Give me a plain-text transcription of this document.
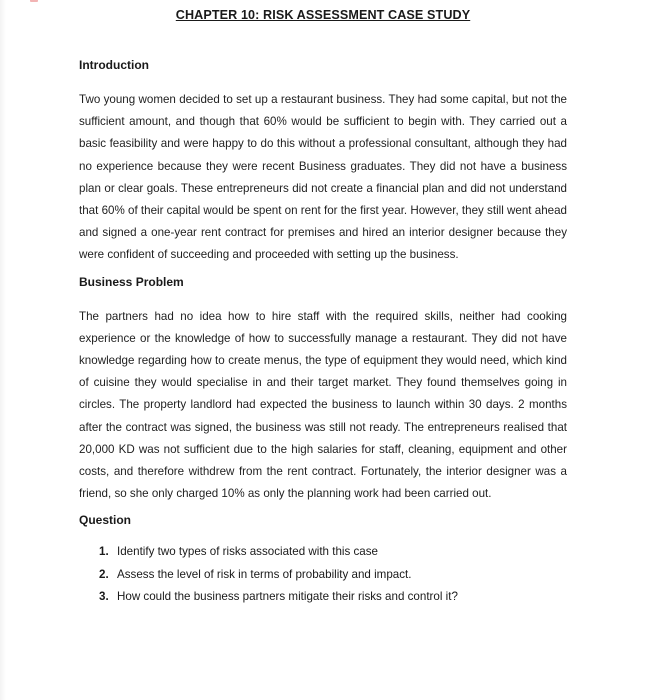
CHAPTER 10: RISK ASSESSMENT CASE STUDY
Introduction

Two young women decided to set up a restaurant business. They had some capital, but not the sufficient amount, and though that 60% would be sufficient to begin with. They carried out a basic feasibility and were happy to do this without a professional consultant, although they had no experience because they were recent Business graduates. They did not have a business plan or clear goals. These entrepreneurs did not create a financial plan and did not understand that 60% of their capital would be spent on rent for the first year. However, they still went ahead and signed a one-year rent contract for premises and hired an interior designer because they were confident of succeeding and proceeded with setting up the business.

Business Problem

The partners had no idea how to hire staff with the required skills, neither had cooking experience or the knowledge of how to successfully manage a restaurant. They did not have knowledge regarding how to create menus, the type of equipment they would need, which kind of cuisine they would specialise in and their target market. They found themselves going in circles. The property landlord had expected the business to launch within 30 days. 2 months after the contract was signed, the business was still not ready. The entrepreneurs realised that 20,000 KD was not sufficient due to the high salaries for staff, cleaning, equipment and other costs, and therefore withdrew from the rent contract. Fortunately, the interior designer was a friend, so she only charged 10% as only the planning work had been carried out.

Question
1. Identify two types of risks associated with this case
2. Assess the level of risk in terms of probability and impact.
3. How could the business partners mitigate their risks and control it?
